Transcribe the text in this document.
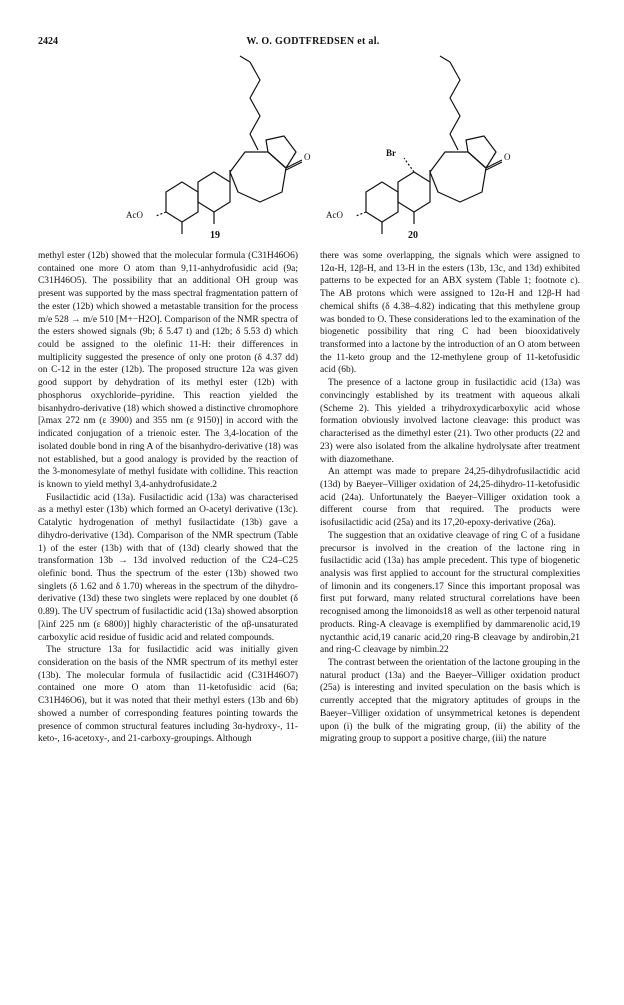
2424	W. O. GODTFREDSEN et al.
AcO
O
19
AcO
Br	O
20

methyl ester (12b) showed that the molecular formula (C31H46O6) contained one more O atom than 9,11-anhydrofusidic acid (9a; C31H46O5). The possibility that an additional OH group was present was supported by the mass spectral fragmentation pattern of the ester (12b) which showed a metastable transition for the process m/e 528 → m/e 510 [M+−H2O]. Comparison of the NMR spectra of the esters showed signals (9b; δ 5.47 t) and (12b; δ 5.53 d) which could be assigned to the olefinic 11-H: their differences in multiplicity suggested the presence of only one proton (δ 4.37 dd) on C-12 in the ester (12b). The proposed structure 12a was given good support by dehydration of its methyl ester (12b) with phosphorus oxychloride–pyridine. This reaction yielded the bisanhydro-derivative (18) which showed a distinctive chromophore [λmax 272 nm (ε 3900) and 355 nm (ε 9150)] in accord with the indicated conjugation of a trienoic ester. The 3,4-location of the isolated double bond in ring A of the bisanhydro-derivative (18) was not established, but a good analogy is provided by the reaction of the 3-monomesylate of methyl fusidate with collidine. This reaction is known to yield methyl 3,4-anhydrofusidate.2

Fusilactidic acid (13a). Fusilactidic acid (13a) was characterised as a methyl ester (13b) which formed an O-acetyl derivative (13c). Catalytic hydrogenation of methyl fusilactidate (13b) gave a dihydro-derivative (13d). Comparison of the NMR spectrum (Table 1) of the ester (13b) with that of (13d) clearly showed that the transformation 13b → 13d involved reduction of the C24–C25 olefinic bond. Thus the spectrum of the ester (13b) showed two singlets (δ 1.62 and δ 1.70) whereas in the spectrum of the dihydro-derivative (13d) these two singlets were replaced by one doublet (δ 0.89). The UV spectrum of fusilactidic acid (13a) showed absorption [λinf 225 nm (ε 6800)] highly characteristic of the αβ-unsaturated carboxylic acid residue of fusidic acid and related compounds.

The structure 13a for fusilactidic acid was initially given consideration on the basis of the NMR spectrum of its methyl ester (13b). The molecular formula of fusilactidic acid (C31H46O7) contained one more O atom than 11-ketofusidic acid (6a; C31H46O6), but it was noted that their methyl esters (13b and 6b) showed a number of corresponding features pointing towards the presence of common structural features including 3α-hydroxy-, 11-keto-, 16-acetoxy-, and 21-carboxy-groupings. Although

there was some overlapping, the signals which were assigned to 12α-H, 12β-H, and 13-H in the esters (13b, 13c, and 13d) exhibited patterns to be expected for an ABX system (Table 1; footnote c). The AB protons which were assigned to 12α-H and 12β-H had chemical shifts (δ 4.38–4.82) indicating that this methylene group was bonded to O. These considerations led to the examination of the biogenetic possibility that ring C had been biooxidatively transformed into a lactone by the introduction of an O atom between the 11-keto group and the 12-methylene group of 11-ketofusidic acid (6b).

The presence of a lactone group in fusilactidic acid (13a) was convincingly established by its treatment with aqueous alkali (Scheme 2). This yielded a trihydroxydicarboxylic acid whose formation obviously involved lactone cleavage: this product was characterised as the dimethyl ester (21). Two other products (22 and 23) were also isolated from the alkaline hydrolysate after treatment with diazomethane.

An attempt was made to prepare 24,25-dihydrofusilactidic acid (13d) by Baeyer–Villiger oxidation of 24,25-dihydro-11-ketofusidic acid (24a). Unfortunately the Baeyer–Villiger oxidation took a different course from that required. The products were isofusilactidic acid (25a) and its 17,20-epoxy-derivative (26a).

The suggestion that an oxidative cleavage of ring C of a fusidane precursor is involved in the creation of the lactone ring in fusilactidic acid (13a) has ample precedent. This type of biogenetic analysis was first applied to account for the structural complexities of limonin and its congeners.17 Since this important proposal was first put forward, many related structural correlations have been recognised among the limonoids18 as well as other terpenoid natural products. Ring-A cleavage is exemplified by dammarenolic acid,19 nyctanthic acid,19 canaric acid,20 ring-B cleavage by andirobin,21 and ring-C cleavage by nimbin.22

The contrast between the orientation of the lactone grouping in the natural product (13a) and the Baeyer–Villiger oxidation product (25a) is interesting and invited speculation on the basis which is currently accepted that the migratory aptitudes of groups in the Baeyer–Villiger oxidation of unsymmetrical ketones is dependent upon (i) the bulk of the migrating group, (ii) the ability of the migrating group to support a positive charge, (iii) the nature
